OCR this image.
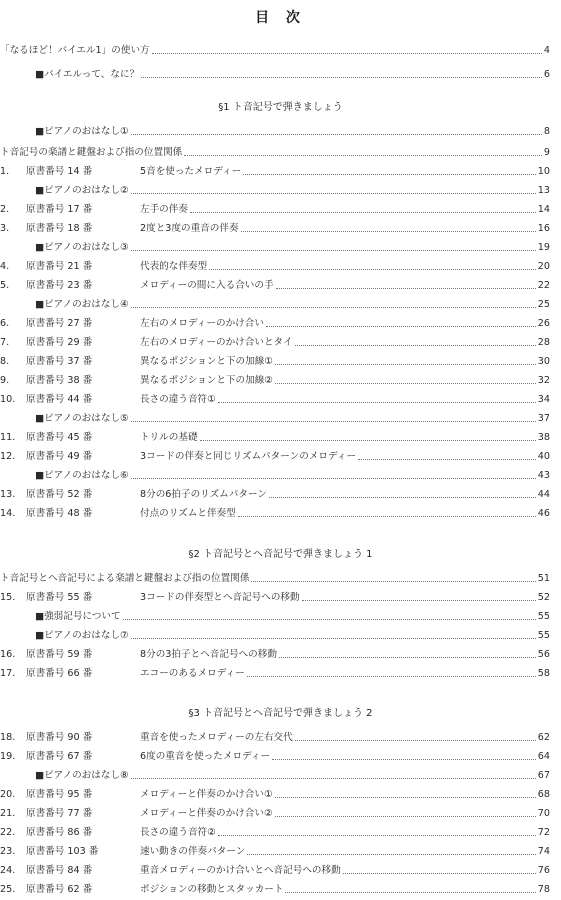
目 次
「なるほど！バイエル1」の使い方	4
■バイエルって、なに？	6
§1 ト音記号で弾きましょう
■ピアノのおはなし①	8
ト音記号の楽譜と鍵盤および指の位置関係	9
1.	原書番号 14 番	5音を使ったメロディー	10
■ピアノのおはなし②	13
2.	原書番号 17 番	左手の伴奏	14
3.	原書番号 18 番	2度と3度の重音の伴奏	16
■ピアノのおはなし③	19
4.	原書番号 21 番	代表的な伴奏型	20
5.	原書番号 23 番	メロディーの間に入る合いの手	22
■ピアノのおはなし④	25
6.	原書番号 27 番	左右のメロディーのかけ合い	26
7.	原書番号 29 番	左右のメロディーのかけ合いとタイ	28
8.	原書番号 37 番	異なるポジションと下の加線①	30
9.	原書番号 38 番	異なるポジションと下の加線②	32
10.	原書番号 44 番	長さの違う音符①	34
■ピアノのおはなし⑤	37
11.	原書番号 45 番	トリルの基礎	38
12.	原書番号 49 番	3コードの伴奏と同じリズムパターンのメロディー	40
■ピアノのおはなし⑥	43
13.	原書番号 52 番	8分の6拍子のリズムパターン	44
14.	原書番号 48 番	付点のリズムと伴奏型	46
§2 ト音記号とヘ音記号で弾きましょう 1
ト音記号とヘ音記号による楽譜と鍵盤および指の位置関係	51
15.	原書番号 55 番	3コードの伴奏型とヘ音記号への移動	52
■強弱記号について	55
■ピアノのおはなし⑦	55
16.	原書番号 59 番	8分の3拍子とヘ音記号への移動	56
17.	原書番号 66 番	エコーのあるメロディー	58
§3 ト音記号とヘ音記号で弾きましょう 2
18.	原書番号 90 番	重音を使ったメロディーの左右交代	62
19.	原書番号 67 番	6度の重音を使ったメロディー	64
■ピアノのおはなし⑧	67
20.	原書番号 95 番	メロディーと伴奏のかけ合い①	68
21.	原書番号 77 番	メロディーと伴奏のかけ合い②	70
22.	原書番号 86 番	長さの違う音符②	72
23.	原書番号 103 番	速い動きの伴奏パターン	74
24.	原書番号 84 番	重音メロディーのかけ合いとヘ音記号への移動	76
25.	原書番号 62 番	ポジションの移動とスタッカート	78
